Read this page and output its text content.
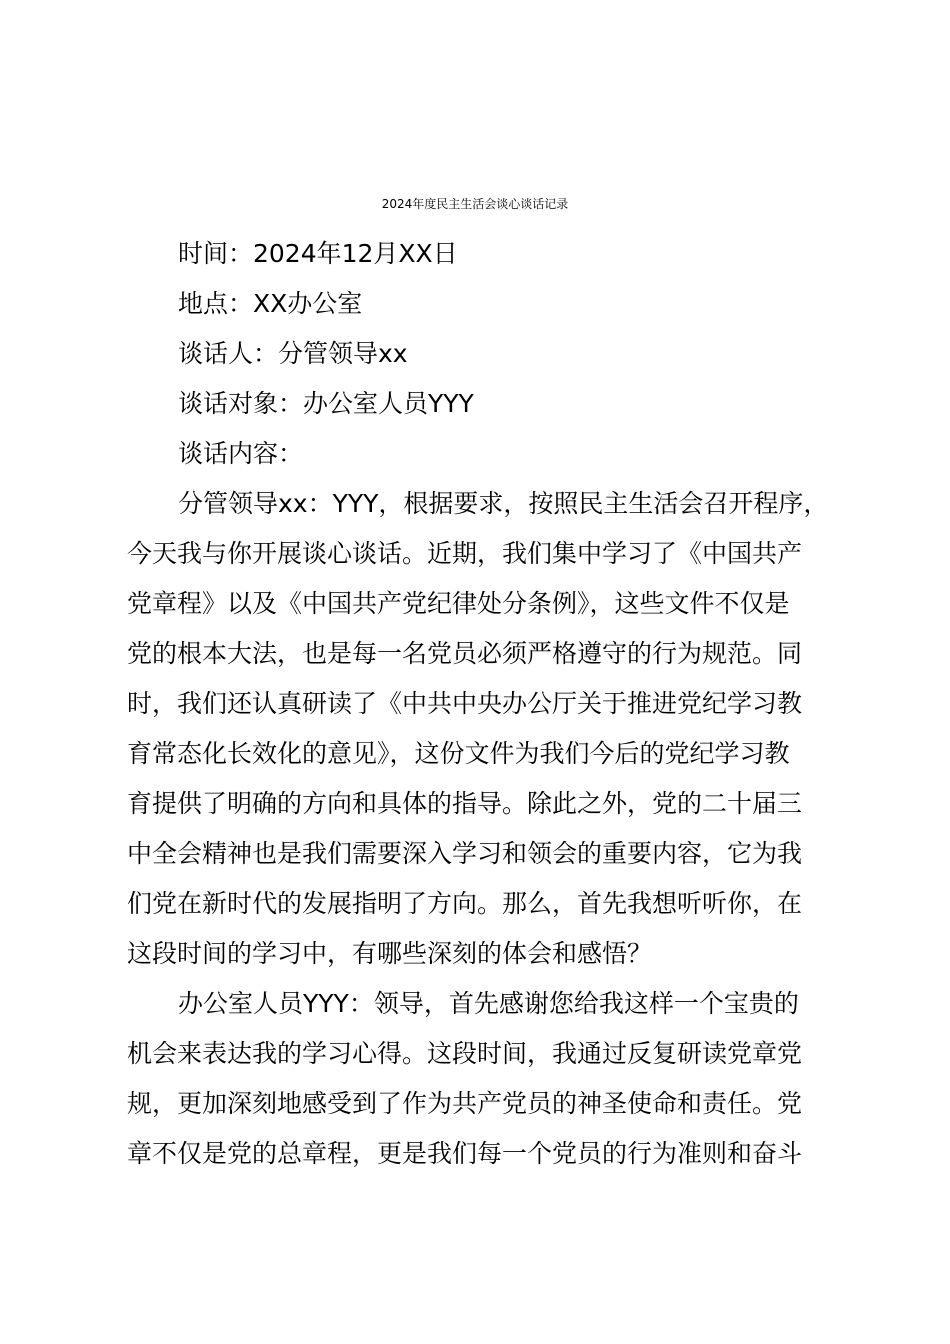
2024年度民主生活会谈心谈话记录
时间：2024年12月XX日
地点：XX办公室
谈话人：分管领导xx
谈话对象：办公室人员YYY
谈话内容：
分管领导xx：YYY，根据要求，按照民主生活会召开程序，
今天我与你开展谈心谈话。近期，我们集中学习了《中国共产
党章程》以及《中国共产党纪律处分条例》，这些文件不仅是
党的根本大法，也是每一名党员必须严格遵守的行为规范。同
时，我们还认真研读了《中共中央办公厅关于推进党纪学习教
育常态化长效化的意见》，这份文件为我们今后的党纪学习教
育提供了明确的方向和具体的指导。除此之外，党的二十届三
中全会精神也是我们需要深入学习和领会的重要内容，它为我
们党在新时代的发展指明了方向。那么，首先我想听听你，在
这段时间的学习中，有哪些深刻的体会和感悟？
办公室人员YYY：领导，首先感谢您给我这样一个宝贵的
机会来表达我的学习心得。这段时间，我通过反复研读党章党
规，更加深刻地感受到了作为共产党员的神圣使命和责任。党
章不仅是党的总章程，更是我们每一个党员的行为准则和奋斗
